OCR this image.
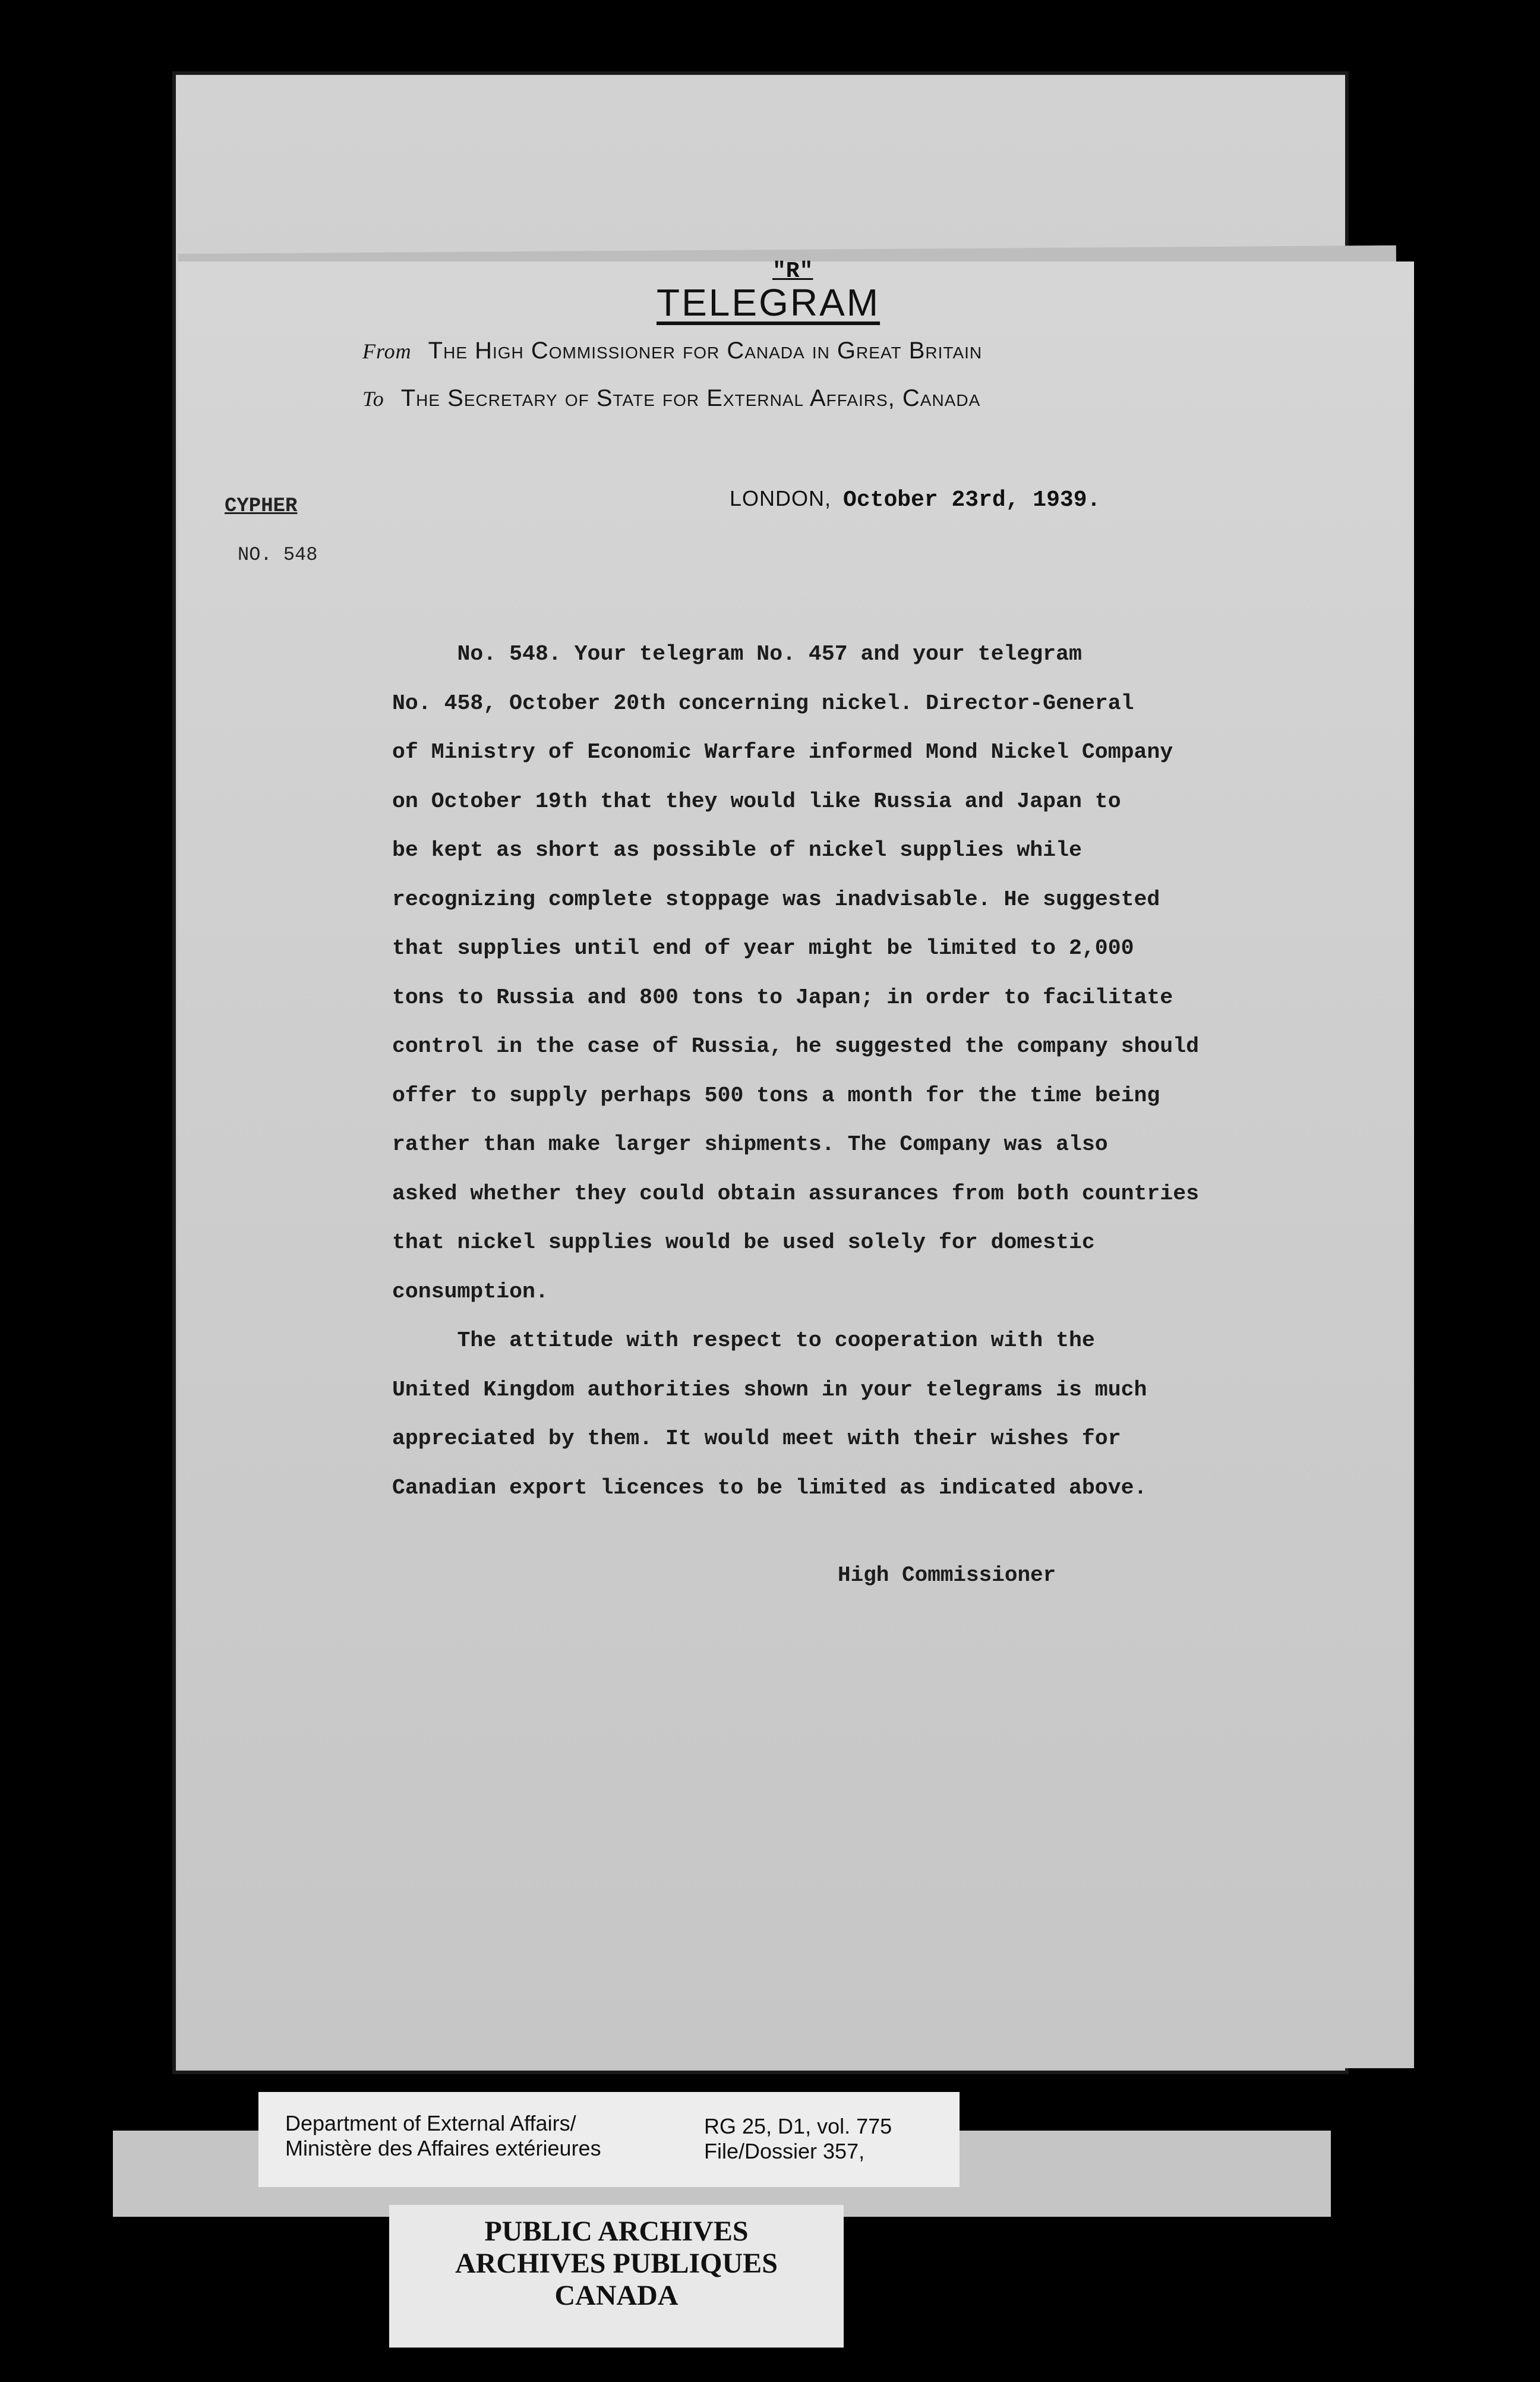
"R"
TELEGRAM
From The High Commissioner for Canada in Great Britain
To The Secretary of State for External Affairs, Canada
CYPHER
NO. 548
LONDON, October 23rd, 1939.
No. 548. Your telegram No. 457 and your telegram
No. 458, October 20th concerning nickel. Director-General
of Ministry of Economic Warfare informed Mond Nickel Company
on October 19th that they would like Russia and Japan to
be kept as short as possible of nickel supplies while
recognizing complete stoppage was inadvisable. He suggested
that supplies until end of year might be limited to 2,000
tons to Russia and 800 tons to Japan; in order to facilitate
control in the case of Russia, he suggested the company should
offer to supply perhaps 500 tons a month for the time being
rather than make larger shipments. The Company was also
asked whether they could obtain assurances from both countries
that nickel supplies would be used solely for domestic
consumption.
The attitude with respect to cooperation with the
United Kingdom authorities shown in your telegrams is much
appreciated by them. It would meet with their wishes for
Canadian export licences to be limited as indicated above.
High Commissioner
Department of External Affairs/
Ministère des Affaires extérieures
RG 25, D1, vol. 775
File/Dossier 357,
PUBLIC ARCHIVES
ARCHIVES PUBLIQUES
CANADA
